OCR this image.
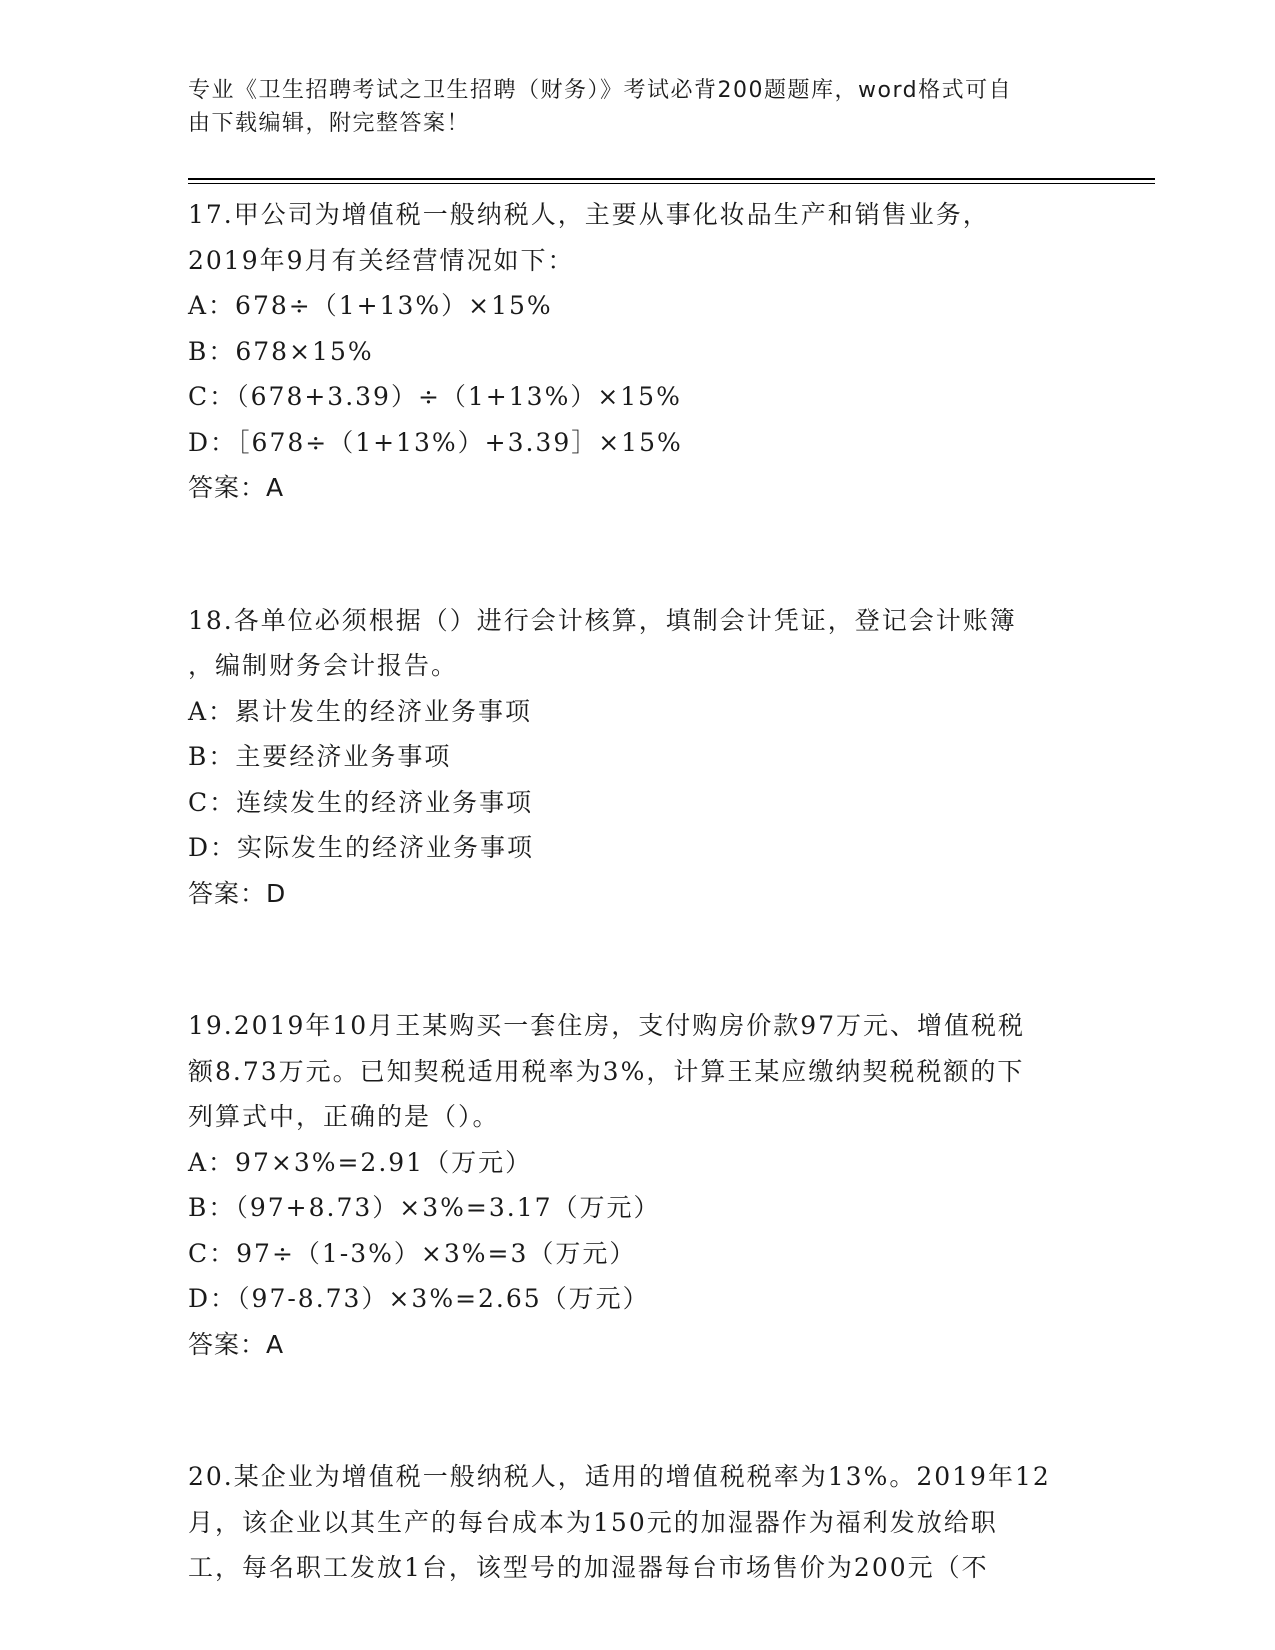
专业《卫生招聘考试之卫生招聘（财务）》考试必背200题题库，word格式可自
由下载编辑，附完整答案！
17.甲公司为增值税一般纳税人，主要从事化妆品生产和销售业务，
2019年9月有关经营情况如下：
A：678÷（1+13%）×15%
B：678×15%
C：（678+3.39）÷（1+13%）×15%
D：［678÷（1+13%）+3.39］×15%
答案：A
18.各单位必须根据（）进行会计核算，填制会计凭证，登记会计账簿
，编制财务会计报告。
A：累计发生的经济业务事项
B：主要经济业务事项
C：连续发生的经济业务事项
D：实际发生的经济业务事项
答案：D
19.2019年10月王某购买一套住房，支付购房价款97万元、增值税税
额8.73万元。已知契税适用税率为3%，计算王某应缴纳契税税额的下
列算式中，正确的是（）。
A：97×3%=2.91（万元）
B：（97+8.73）×3%=3.17（万元）
C：97÷（1-3%）×3%=3（万元）
D：（97-8.73）×3%=2.65（万元）
答案：A
20.某企业为增值税一般纳税人，适用的增值税税率为13%。2019年12
月，该企业以其生产的每台成本为150元的加湿器作为福利发放给职
工，每名职工发放1台，该型号的加湿器每台市场售价为200元（不
